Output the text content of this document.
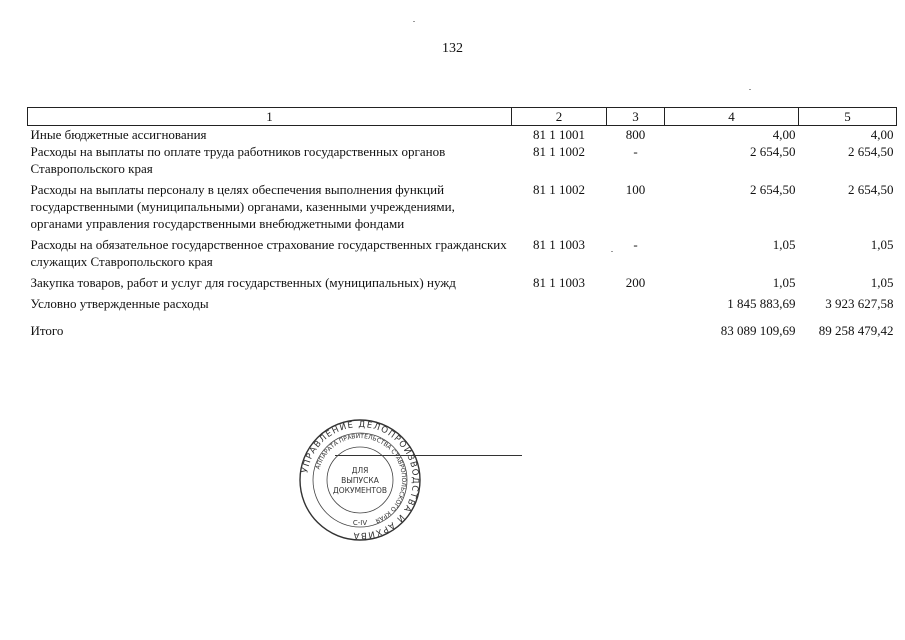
132
1	2	3	4	5
Иные бюджетные ассигнования	81 1 1001	800	4,00	4,00
Расходы на выплаты по оплате труда работников государственных органов Ставропольского края	81 1 1002	-	2 654,50	2 654,50
Расходы на выплаты персоналу в целях обеспечения выполнения функций государственными (муниципальными) органами, казенными учреждениями, органами управления государственными внебюджетными фондами	81 1 1002	100	2 654,50	2 654,50
Расходы на обязательное государственное страхование государственных гражданских служащих Ставропольского края	81 1 1003	-	1,05	1,05
Закупка товаров, работ и услуг для государственных (муниципальных) нужд	81 1 1003	200	1,05	1,05
Условно утвержденные расходы			1 845 883,69	3 923 627,58
Итого			83 089 109,69	89 258 479,42
УПРАВЛЕНИЕ ДЕЛОПРОИЗВОДСТВА И АРХИВА
АППАРАТА ПРАВИТЕЛЬСТВА СТАВРОПОЛЬСКОГО КРАЯ
ДЛЯ
ВЫПУСКА
ДОКУМЕНТОВ
С-IV
